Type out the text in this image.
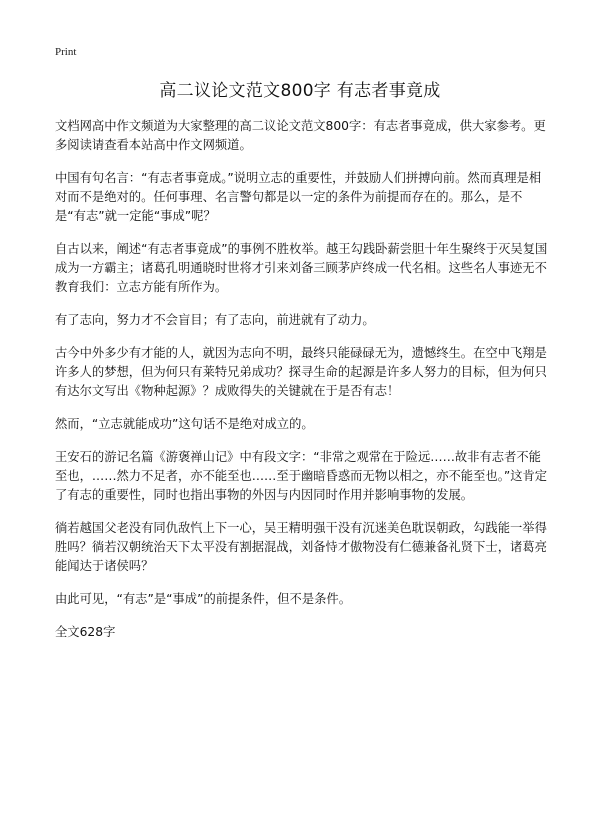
Print
高二议论文范文800字 有志者事竟成

文档网高中作文频道为大家整理的高二议论文范文800字：有志者事竟成，供大家参考。更多阅读请查看本站高中作文网频道。

中国有句名言：“有志者事竟成。”说明立志的重要性，并鼓励人们拼搏向前。然而真理是相对而不是绝对的。任何事理、名言警句都是以一定的条件为前提而存在的。那么，是不是“有志”就一定能“事成”呢？

自古以来，阐述“有志者事竟成”的事例不胜枚举。越王勾践卧薪尝胆十年生聚终于灭吴复国成为一方霸主；诸葛孔明通晓时世将才引来刘备三顾茅庐终成一代名相。这些名人事迹无不教育我们：立志方能有所作为。

有了志向，努力才不会盲目；有了志向，前进就有了动力。

古今中外多少有才能的人，就因为志向不明，最终只能碌碌无为，遗憾终生。在空中飞翔是许多人的梦想，但为何只有莱特兄弟成功？探寻生命的起源是许多人努力的目标，但为何只有达尔文写出《物种起源》？成败得失的关键就在于是否有志！

然而，“立志就能成功”这句话不是绝对成立的。

王安石的游记名篇《游褒禅山记》中有段文字：“非常之观常在于险远……故非有志者不能至也，……然力不足者，亦不能至也……至于幽暗昏惑而无物以相之，亦不能至也。”这肯定了有志的重要性，同时也指出事物的外因与内因同时作用并影响事物的发展。

徜若越国父老没有同仇敌忾上下一心，吴王精明强干没有沉迷美色耽误朝政，勾践能一举得胜吗？徜若汉朝统治天下太平没有割据混战，刘备恃才傲物没有仁德兼备礼贤下士，诸葛亮能闻达于诸侯吗？

由此可见，“有志”是“事成”的前提条件，但不是条件。

全文628字
